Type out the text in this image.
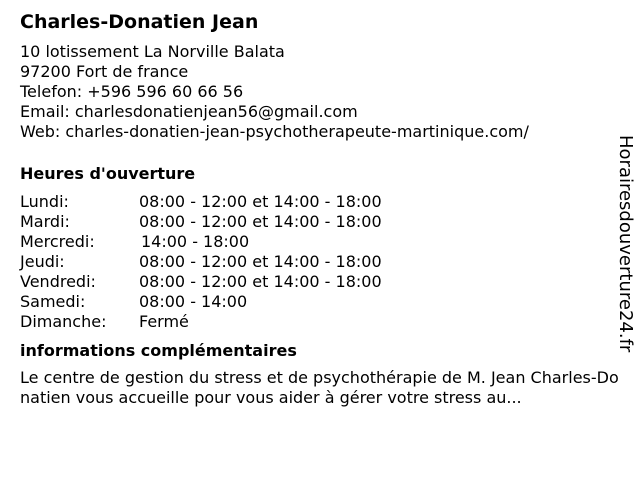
Charles-Donatien Jean
10 lotissement La Norville Balata
97200 Fort de france
Telefon: +596 596 60 66 56
Email: charlesdonatienjean56@gmail.com
Web: charles-donatien-jean-psychotherapeute-martinique.com/
Heures d'ouverture
Lundi:	08:00 - 12:00 et 14:00 - 18:00
Mardi:	08:00 - 12:00 et 14:00 - 18:00
Mercredi:	14:00 - 18:00
Jeudi:	08:00 - 12:00 et 14:00 - 18:00
Vendredi:	08:00 - 12:00 et 14:00 - 18:00
Samedi:	08:00 - 14:00
Dimanche:	Fermé
informations complémentaires
Le centre de gestion du stress et de psychothérapie de M. Jean Charles-Donatien vous accueille pour vous aider à gérer votre stress au...
Horairesdouverture24.fr
